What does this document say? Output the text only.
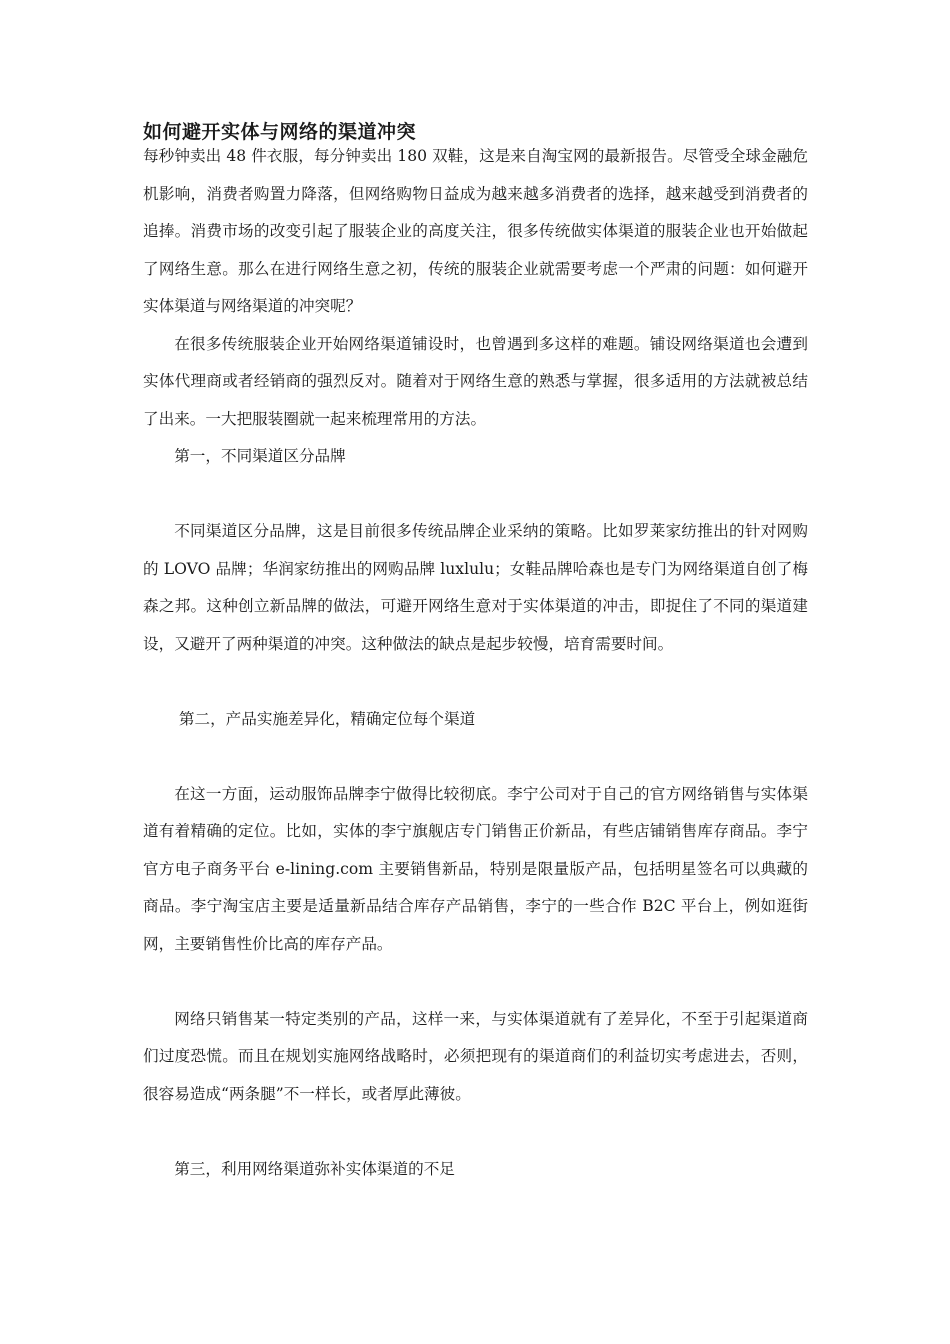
如何避开实体与网络的渠道冲突

每秒钟卖出 48 件衣服，每分钟卖出 180 双鞋，这是来自淘宝网的最新报告。尽管受全球金融危机影响，消费者购置力降落，但网络购物日益成为越来越多消费者的选择，越来越受到消费者的追捧。消费市场的改变引起了服装企业的高度关注，很多传统做实体渠道的服装企业也开始做起了网络生意。那么在进行网络生意之初，传统的服装企业就需要考虑一个严肃的问题：如何避开实体渠道与网络渠道的冲突呢？

在很多传统服装企业开始网络渠道铺设时，也曾遇到多这样的难题。铺设网络渠道也会遭到实体代理商或者经销商的强烈反对。随着对于网络生意的熟悉与掌握，很多适用的方法就被总结了出来。一大把服装圈就一起来梳理常用的方法。

第一，不同渠道区分品牌

不同渠道区分品牌，这是目前很多传统品牌企业采纳的策略。比如罗莱家纺推出的针对网购的 LOVO 品牌；华润家纺推出的网购品牌 luxlulu；女鞋品牌哈森也是专门为网络渠道自创了梅森之邦。这种创立新品牌的做法，可避开网络生意对于实体渠道的冲击，即捉住了不同的渠道建设，又避开了两种渠道的冲突。这种做法的缺点是起步较慢，培育需要时间。

第二，产品实施差异化，精确定位每个渠道

在这一方面，运动服饰品牌李宁做得比较彻底。李宁公司对于自己的官方网络销售与实体渠道有着精确的定位。比如，实体的李宁旗舰店专门销售正价新品，有些店铺销售库存商品。李宁官方电子商务平台 e-lining.com 主要销售新品，特别是限量版产品，包括明星签名可以典藏的商品。李宁淘宝店主要是适量新品结合库存产品销售，李宁的一些合作 B2C 平台上，例如逛街网，主要销售性价比高的库存产品。

网络只销售某一特定类别的产品，这样一来，与实体渠道就有了差异化，不至于引起渠道商们过度恐慌。而且在规划实施网络战略时，必须把现有的渠道商们的利益切实考虑进去，否则，很容易造成“两条腿”不一样长，或者厚此薄彼。

第三，利用网络渠道弥补实体渠道的不足
